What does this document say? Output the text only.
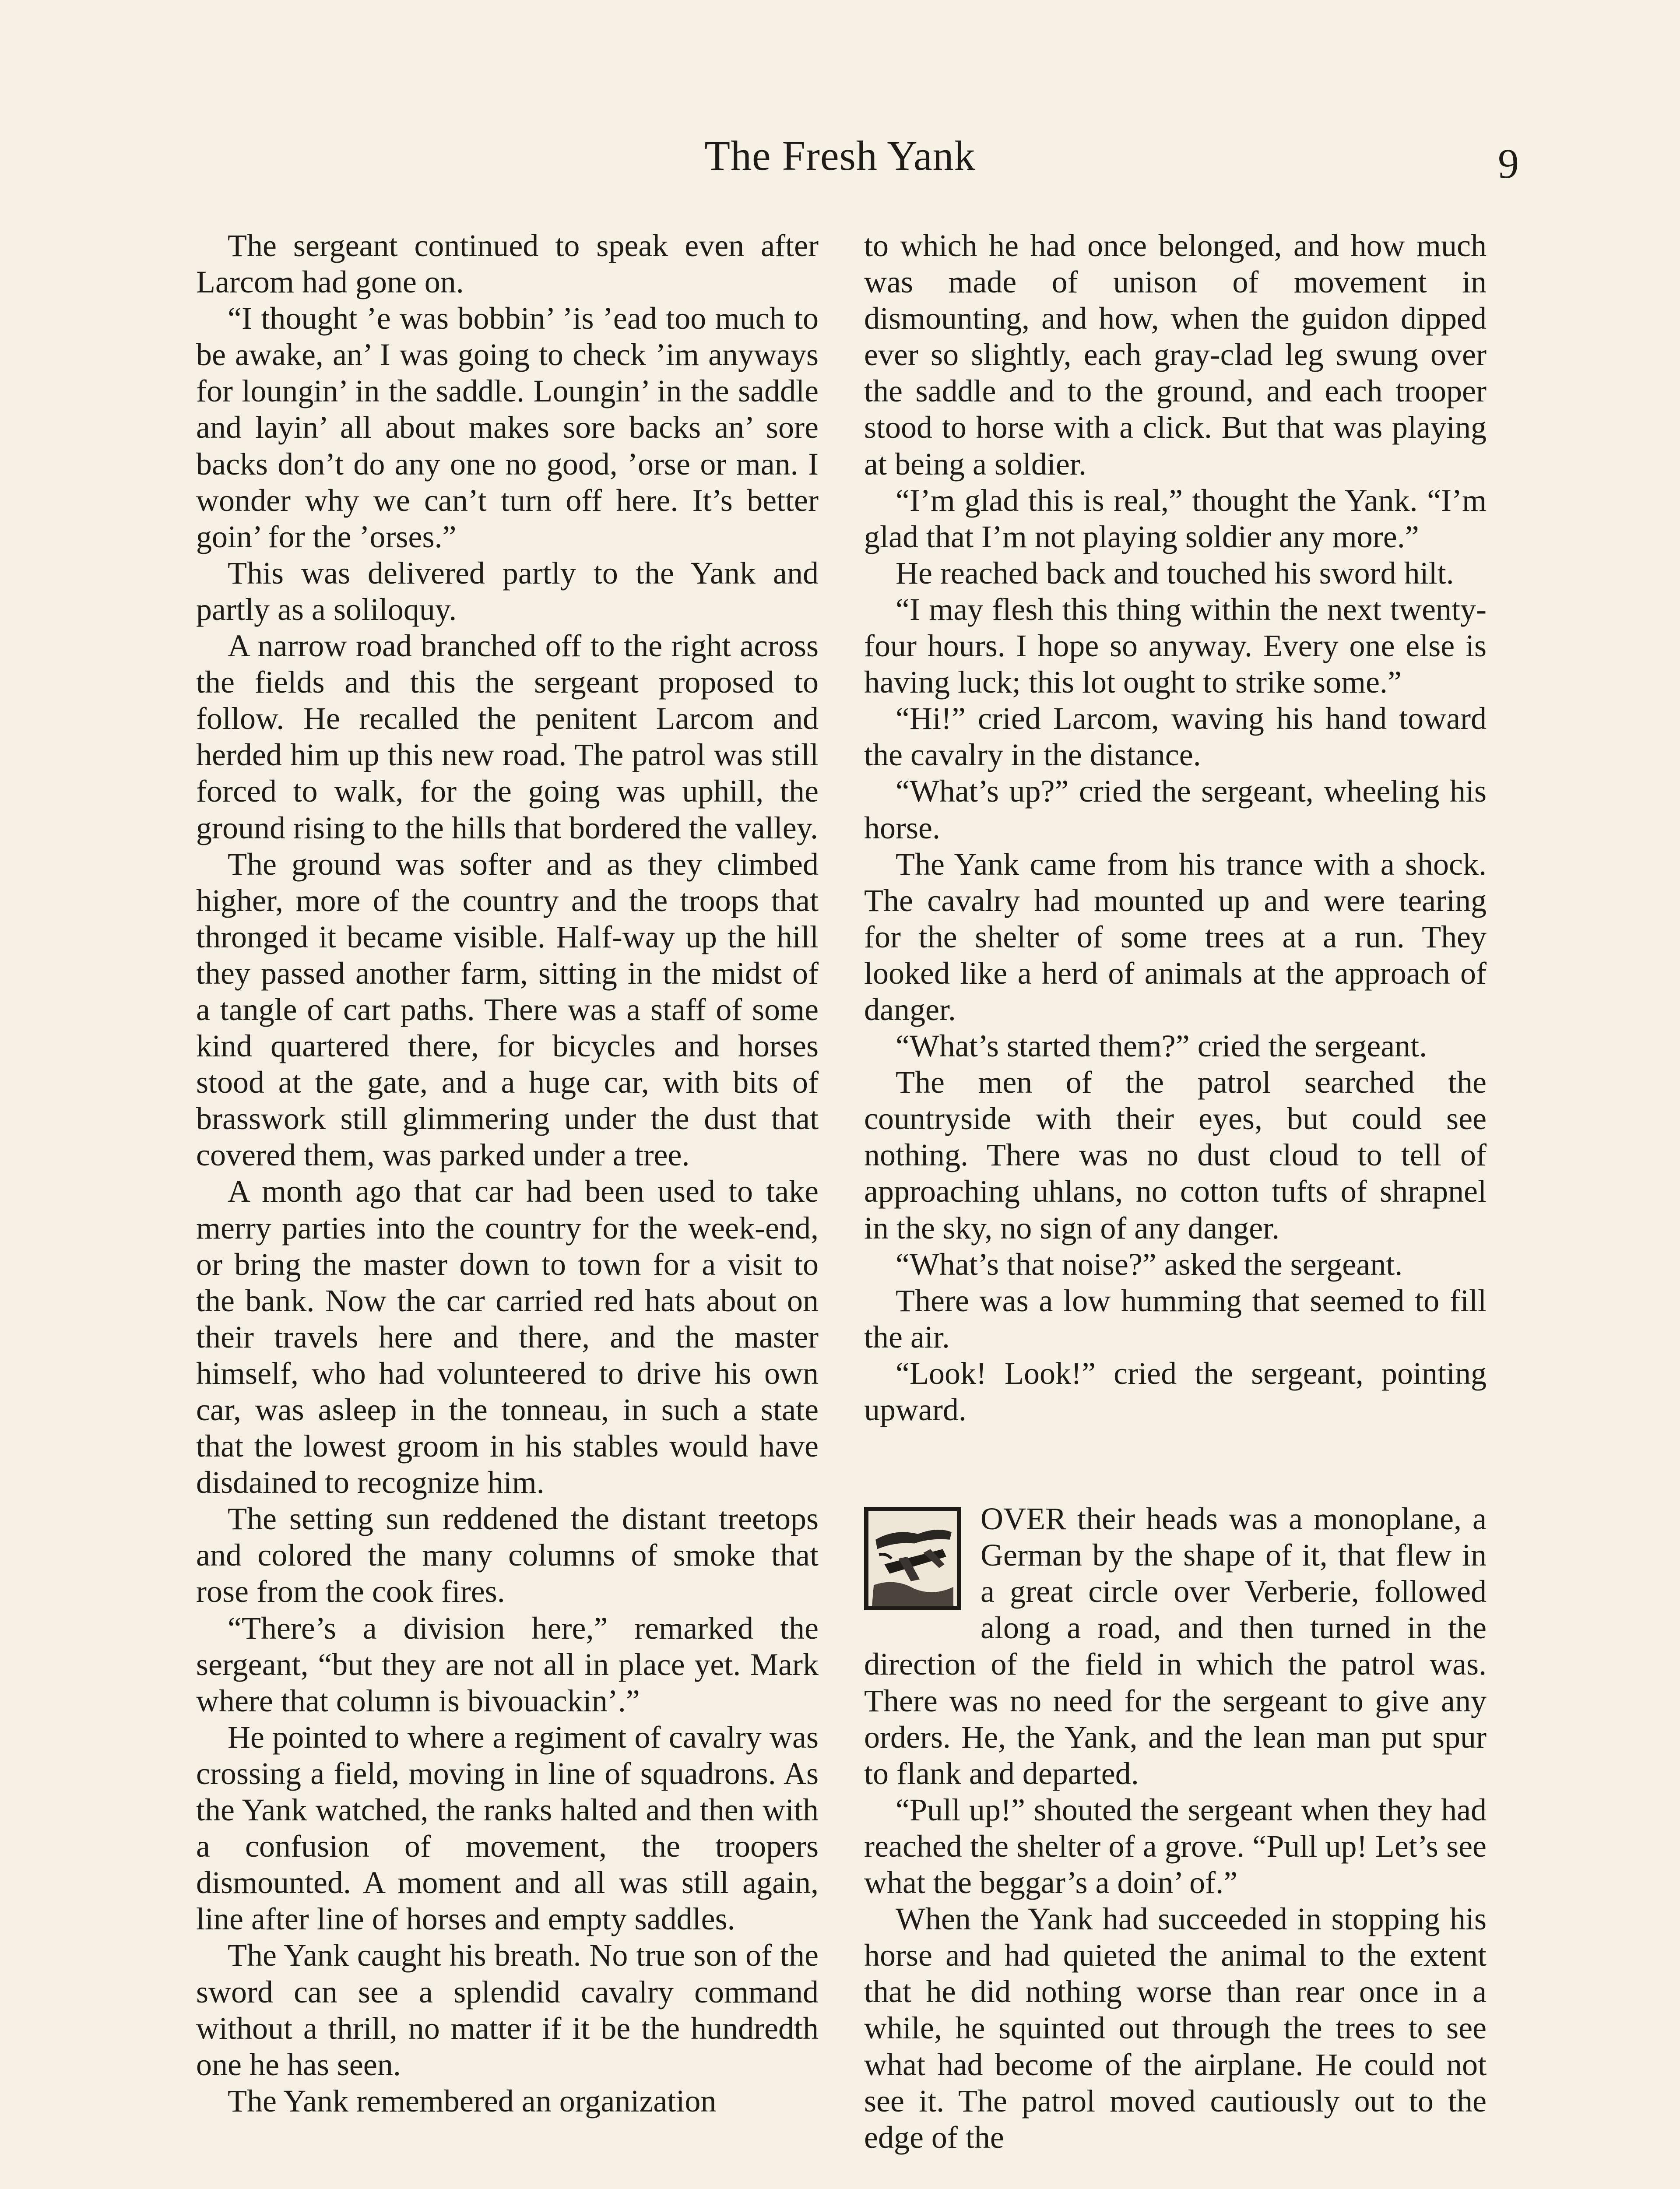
The Fresh Yank	9

The sergeant continued to speak even after Larcom had gone on.

“I thought ’e was bobbin’ ’is ’ead too much to be awake, an’ I was going to check ’im anyways for loungin’ in the saddle. Loungin’ in the saddle and layin’ all about makes sore backs an’ sore backs don’t do any one no good, ’orse or man. I wonder why we can’t turn off here. It’s better goin’ for the ’orses.”

This was delivered partly to the Yank and partly as a soliloquy.

A narrow road branched off to the right across the fields and this the sergeant proposed to follow. He recalled the penitent Larcom and herded him up this new road. The patrol was still forced to walk, for the going was uphill, the ground rising to the hills that bordered the valley.

The ground was softer and as they climbed higher, more of the country and the troops that thronged it became visible. Half-way up the hill they passed another farm, sitting in the midst of a tangle of cart paths. There was a staff of some kind quartered there, for bicycles and horses stood at the gate, and a huge car, with bits of brasswork still glimmering under the dust that covered them, was parked under a tree.

A month ago that car had been used to take merry parties into the country for the week-end, or bring the master down to town for a visit to the bank. Now the car carried red hats about on their travels here and there, and the master himself, who had volunteered to drive his own car, was asleep in the tonneau, in such a state that the lowest groom in his stables would have disdained to recognize him.

The setting sun reddened the distant treetops and colored the many columns of smoke that rose from the cook fires.

“There’s a division here,” remarked the sergeant, “but they are not all in place yet. Mark where that column is bivouackin’.”

He pointed to where a regiment of cavalry was crossing a field, moving in line of squadrons. As the Yank watched, the ranks halted and then with a confusion of movement, the troopers dismounted. A moment and all was still again, line after line of horses and empty saddles.

The Yank caught his breath. No true son of the sword can see a splendid cavalry command without a thrill, no matter if it be the hundredth one he has seen.

The Yank remembered an organization

to which he had once belonged, and how much was made of unison of movement in dismounting, and how, when the guidon dipped ever so slightly, each gray-clad leg swung over the saddle and to the ground, and each trooper stood to horse with a click. But that was playing at being a soldier.

“I’m glad this is real,” thought the Yank. “I’m glad that I’m not playing soldier any more.”

He reached back and touched his sword hilt.

“I may flesh this thing within the next twenty-four hours. I hope so anyway. Every one else is having luck; this lot ought to strike some.”

“Hi!” cried Larcom, waving his hand toward the cavalry in the distance.

“What’s up?” cried the sergeant, wheeling his horse.

The Yank came from his trance with a shock. The cavalry had mounted up and were tearing for the shelter of some trees at a run. They looked like a herd of animals at the approach of danger.

“What’s started them?” cried the sergeant.

The men of the patrol searched the countryside with their eyes, but could see nothing. There was no dust cloud to tell of approaching uhlans, no cotton tufts of shrapnel in the sky, no sign of any danger.

“What’s that noise?” asked the sergeant.

There was a low humming that seemed to fill the air.

“Look! Look!” cried the sergeant, pointing upward.

OVER their heads was a monoplane, a German by the shape of it, that flew in a great circle over Verberie, followed along a road, and then turned in the direction of the field in which the patrol was. There was no need for the sergeant to give any orders. He, the Yank, and the lean man put spur to flank and departed.

“Pull up!” shouted the sergeant when they had reached the shelter of a grove. “Pull up! Let’s see what the beggar’s a doin’ of.”

When the Yank had succeeded in stopping his horse and had quieted the animal to the extent that he did nothing worse than rear once in a while, he squinted out through the trees to see what had become of the airplane. He could not see it. The patrol moved cautiously out to the edge of the
